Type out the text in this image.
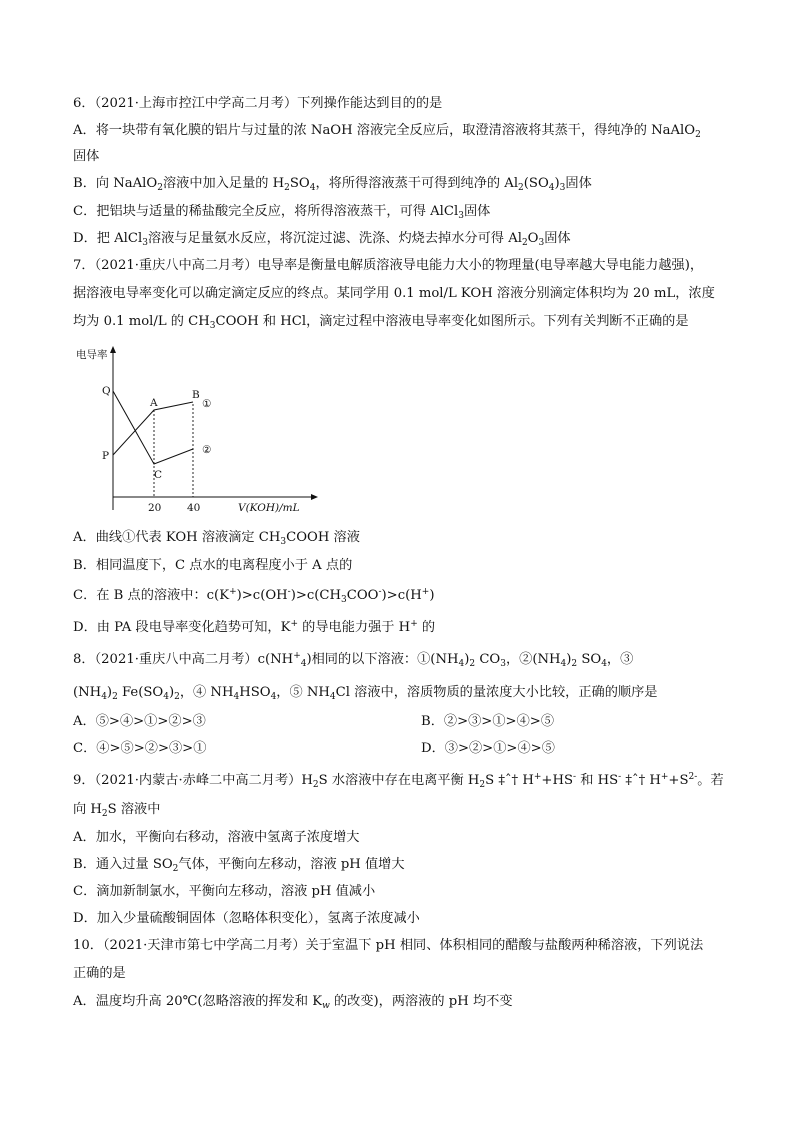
6．（2021·上海市控江中学高二月考）下列操作能达到目的的是
A．将一块带有氧化膜的铝片与过量的浓 NaOH 溶液完全反应后，取澄清溶液将其蒸干，得纯净的 NaAlO$_2$
固体
B．向 NaAlO$_2$溶液中加入足量的 $H_2SO_4$，将所得溶液蒸干可得到纯净的 $Al_2(SO_4)_3$固体
C．把铝块与适量的稀盐酸完全反应，将所得溶液蒸干，可得 AlCl$_3$固体
D．把 AlCl$_3$溶液与足量氨水反应，将沉淀过滤、洗涤、灼烧去掉水分可得 $Al_2O_3$固体
7．（2021·重庆八中高二月考）电导率是衡量电解质溶液导电能力大小的物理量(电导率越大导电能力越强)，
据溶液电导率变化可以确定滴定反应的终点。某同学用 0.1 mol/L KOH 溶液分别滴定体积均为 20 mL，浓度
均为 0.1 mol/L 的 $CH_3COOH$ 和 HCl，滴定过程中溶液电导率变化如图所示。下列有关判断不正确的是
电导率
Q
P
A
B
C
①
②
20 40	V(KOH)/mL
A．曲线①代表 KOH 溶液滴定 $CH_3COOH$ 溶液
B．相同温度下，C 点水的电离程度小于 A 点的
C．在 B 点的溶液中：$c(K^+)>c(OH^-)>c(CH_3COO^-)>c(H^+)$
D．由 PA 段电导率变化趋势可知，K+ 的导电能力强于 H+ 的
8．（2021·重庆八中高二月考）$c(NH^+_4)$相同的以下溶液：$①(NH_4)_2$ $CO_3$，$②(NH_4)_2$ $SO_4$，③
$(NH_4)_2$ $Fe(SO_4)_2$，④ $NH_4HSO_4$，⑤ $NH_4Cl$ 溶液中，溶质物质的量浓度大小比较，正确的顺序是
A．⑤>④>①>②>③	B．②>③>①>④>⑤
C．④>⑤>②>③>①	D．③>②>①>④>⑤
9．（2021·内蒙古·赤峰二中高二月考）$H_2S$ 水溶液中存在电离平衡 $H_2S$ ‡ˆ† H++HS- 和 HS- ‡ˆ† $H^++S^{2-}$。若
向 $H_2S$ 溶液中
A．加水，平衡向右移动，溶液中氢离子浓度增大
B．通入过量 $SO_2$气体，平衡向左移动，溶液 pH 值增大
C．滴加新制氯水，平衡向左移动，溶液 pH 值减小
D．加入少量硫酸铜固体（忽略体积变化），氢离子浓度减小
10．（2021·天津市第七中学高二月考）关于室温下 pH 相同、体积相同的醋酸与盐酸两种稀溶液，下列说法
正确的是
A．温度均升高 20℃(忽略溶液的挥发和 $K_w$ 的改变)，两溶液的 pH 均不变
